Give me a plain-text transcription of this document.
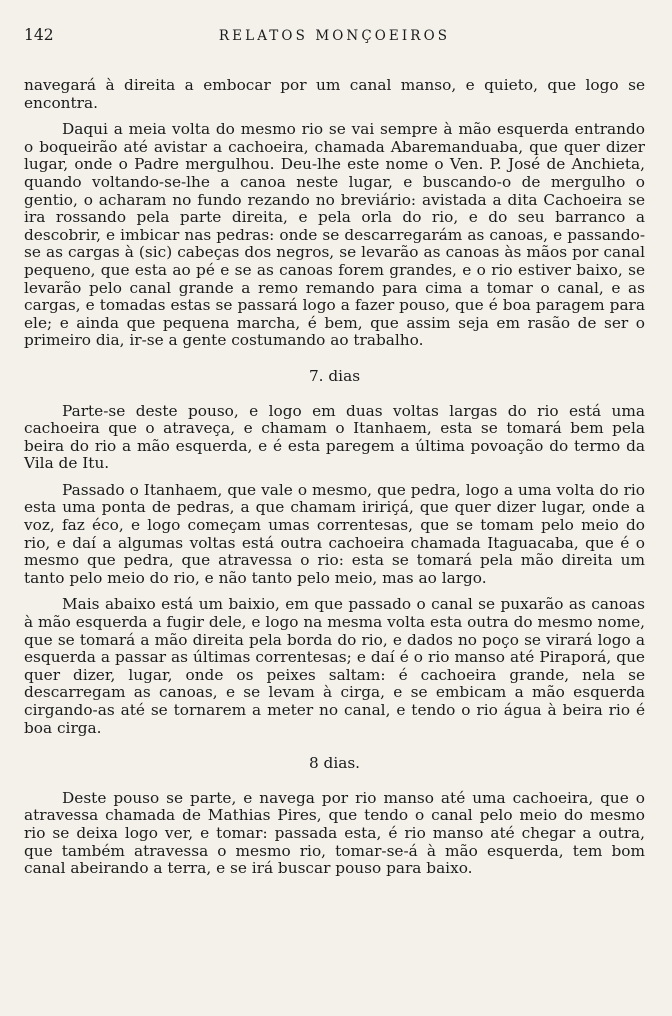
142	RELATOS MONÇOEIROS

navegará à direita a embocar por um canal manso, e quieto, que logo se encontra.

Daqui a meia volta do mesmo rio se vai sempre à mão esquerda entrando o boqueirão até avistar a cachoeira, chamada Abaremanduaba, que quer dizer lugar, onde o Padre mergulhou. Deu-lhe este nome o Ven. P. José de Anchieta, quando voltando-se-lhe a canoa neste lugar, e buscando-o de mergulho o gentio, o acharam no fundo rezando no breviário: avistada a dita Cachoeira se ira rossando pela parte direita, e pela orla do rio, e do seu barranco a descobrir, e imbicar nas pedras: onde se descarregarám as canoas, e passando-se as cargas à (sic) cabeças dos negros, se levarão as canoas às mãos por canal pequeno, que esta ao pé e se as canoas forem grandes, e o rio estiver baixo, se levarão pelo canal grande a remo remando para cima a tomar o canal, e as cargas, e tomadas estas se passará logo a fazer pouso, que é boa paragem para ele; e ainda que pequena marcha, é bem, que assim seja em rasão de ser o primeiro dia, ir-se a gente costumando ao trabalho.

7. dias

Parte-se deste pouso, e logo em duas voltas largas do rio está uma cachoeira que o atraveça, e chamam o Itanhaem, esta se tomará bem pela beira do rio a mão esquerda, e é esta paregem a última povoação do termo da Vila de Itu.

Passado o Itanhaem, que vale o mesmo, que pedra, logo a uma volta do rio esta uma ponta de pedras, a que chamam iririçá, que quer dizer lugar, onde a voz, faz éco, e logo começam umas correntesas, que se tomam pelo meio do rio, e daí a algumas voltas está outra cachoeira chamada Itaguacaba, que é o mesmo que pedra, que atravessa o rio: esta se tomará pela mão direita um tanto pelo meio do rio, e não tanto pelo meio, mas ao largo.

Mais abaixo está um baixio, em que passado o canal se puxarão as canoas à mão esquerda a fugir dele, e logo na mesma volta esta outra do mesmo nome, que se tomará a mão direita pela borda do rio, e dados no poço se virará logo a esquerda a passar as últimas correntesas; e daí é o rio manso até Piraporá, que quer dizer, lugar, onde os peixes saltam: é cachoeira grande, nela se descarregam as canoas, e se levam à cirga, e se embicam a mão esquerda cirgando-as até se tornarem a meter no canal, e tendo o rio água à beira rio é boa cirga.

8 dias.

Deste pouso se parte, e navega por rio manso até uma cachoeira, que o atravessa chamada de Mathias Pires, que tendo o canal pelo meio do mesmo rio se deixa logo ver, e tomar: passada esta, é rio manso até chegar a outra, que também atravessa o mesmo rio, tomar-se-á à mão esquerda, tem bom canal abeirando a terra, e se irá buscar pouso para baixo.
